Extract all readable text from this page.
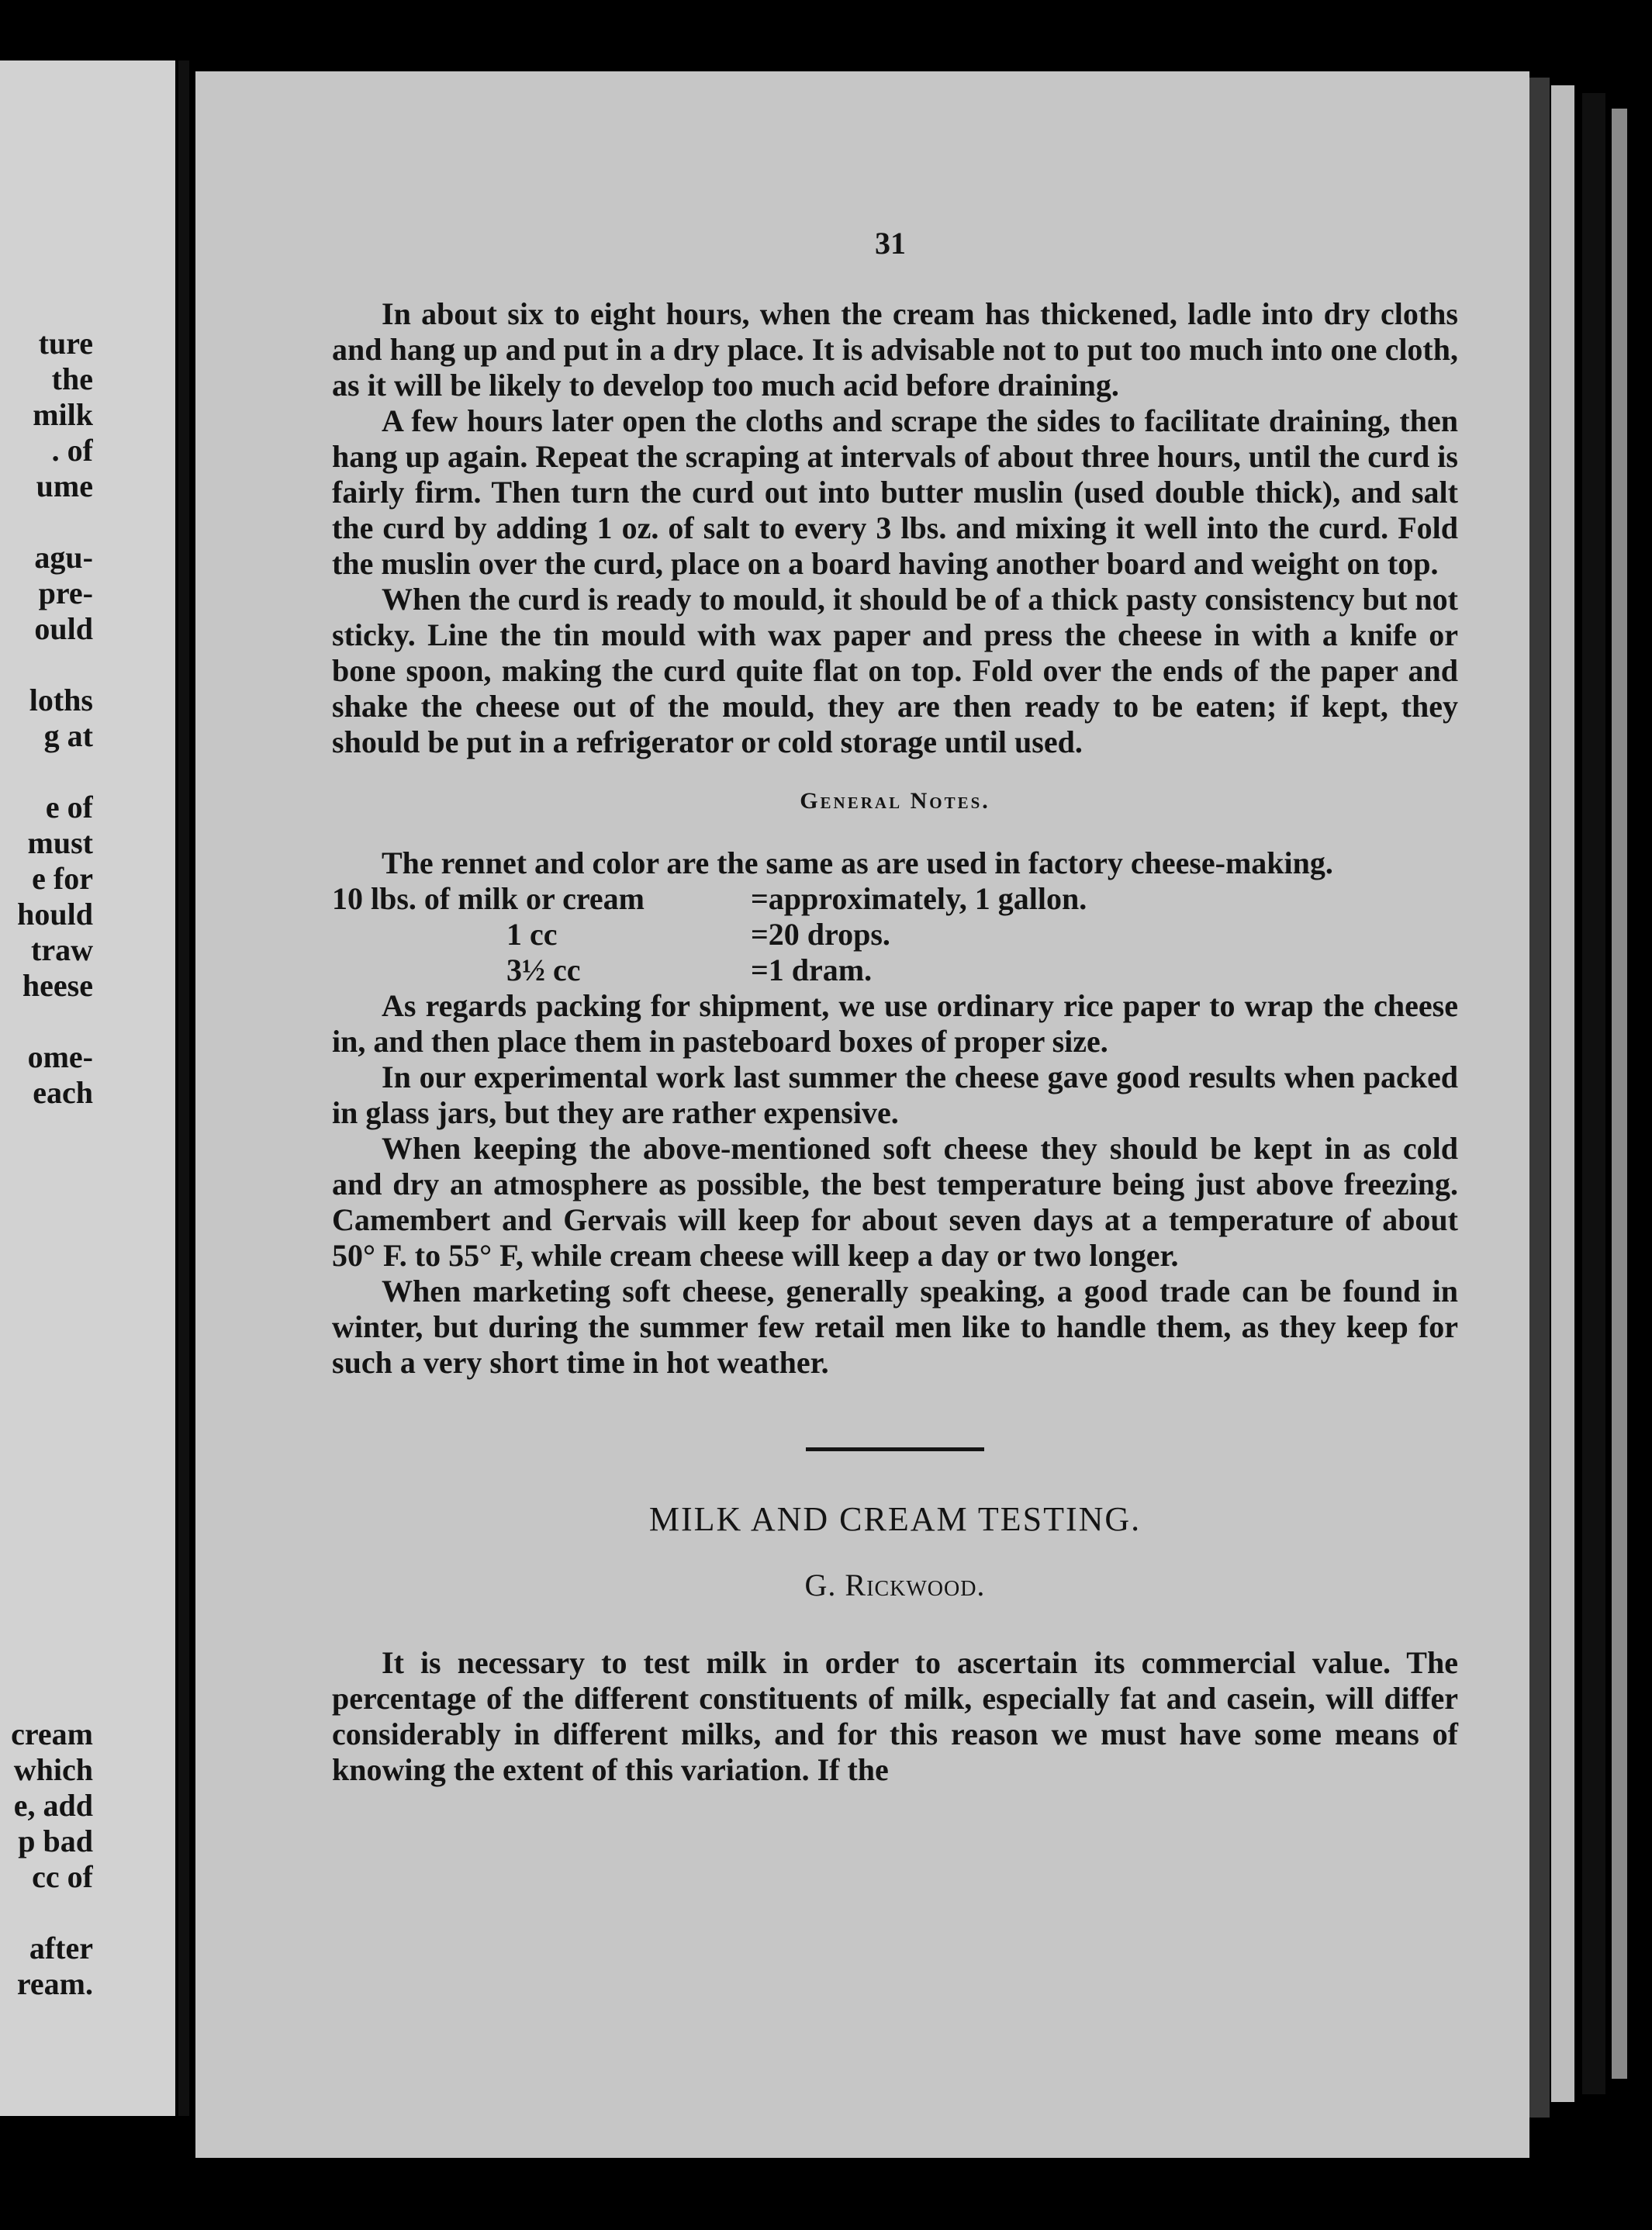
ture
the
milk
. of
ume
agu-
pre-
ould
loths
g at
e of
must
e for
hould
traw
heese
ome-
each
cream
which
e, add
p bad
cc of
after
ream.
31

In about six to eight hours, when the cream has thickened, ladle into dry cloths and hang up and put in a dry place. It is advisable not to put too much into one cloth, as it will be likely to develop too much acid before draining.

A few hours later open the cloths and scrape the sides to facilitate draining, then hang up again. Repeat the scraping at intervals of about three hours, until the curd is fairly firm. Then turn the curd out into butter muslin (used double thick), and salt the curd by adding 1 oz. of salt to every 3 lbs. and mixing it well into the curd. Fold the muslin over the curd, place on a board having another board and weight on top.

When the curd is ready to mould, it should be of a thick pasty consistency but not sticky. Line the tin mould with wax paper and press the cheese in with a knife or bone spoon, making the curd quite flat on top. Fold over the ends of the paper and shake the cheese out of the mould, they are then ready to be eaten; if kept, they should be put in a refrigerator or cold storage until used.

General Notes.

The rennet and color are the same as are used in factory cheese-making.

10 lbs. of milk or cream	=approximately, 1 gallon.
1 cc	=20 drops.
3½ cc	=1 dram.

As regards packing for shipment, we use ordinary rice paper to wrap the cheese in, and then place them in pasteboard boxes of proper size.

In our experimental work last summer the cheese gave good results when packed in glass jars, but they are rather expensive.

When keeping the above-mentioned soft cheese they should be kept in as cold and dry an atmosphere as possible, the best temperature being just above freezing. Camembert and Gervais will keep for about seven days at a temperature of about 50° F. to 55° F, while cream cheese will keep a day or two longer.

When marketing soft cheese, generally speaking, a good trade can be found in winter, but during the summer few retail men like to handle them, as they keep for such a very short time in hot weather.

MILK AND CREAM TESTING.
G. Rickwood.

It is necessary to test milk in order to ascertain its commercial value. The percentage of the different constituents of milk, especially fat and casein, will differ considerably in different milks, and for this reason we must have some means of knowing the extent of this variation. If the
